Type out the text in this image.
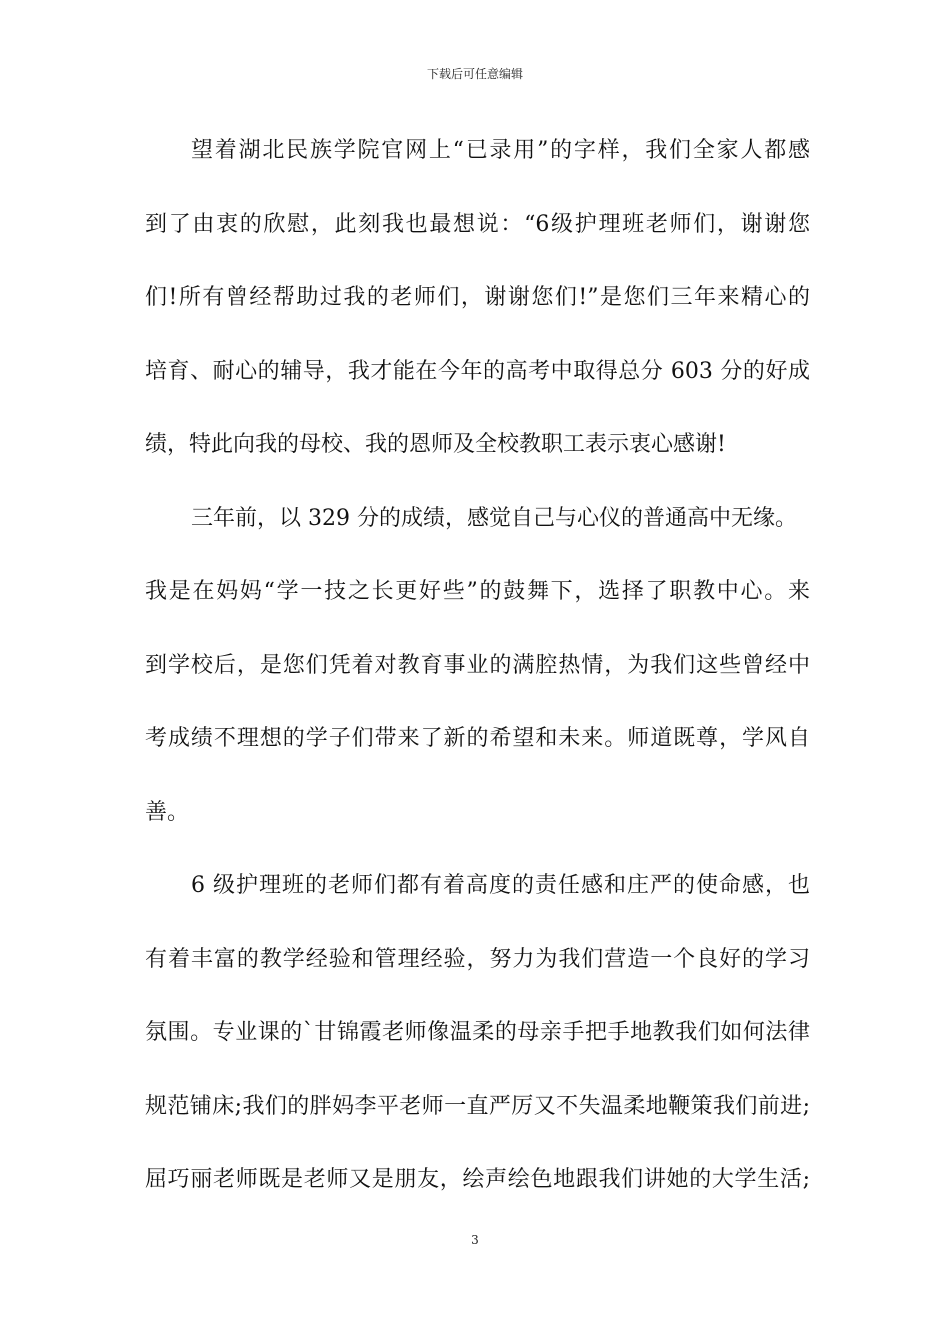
下载后可任意编辑
望着湖北民族学院官网上“已录用”的字样，我们全家人都感
到了由衷的欣慰，此刻我也最想说：“6级护理班老师们，谢谢您
们!所有曾经帮助过我的老师们，谢谢您们!”是您们三年来精心的
培育、耐心的辅导，我才能在今年的高考中取得总分 603 分的好成
绩，特此向我的母校、我的恩师及全校教职工表示衷心感谢!
三年前，以 329 分的成绩，感觉自己与心仪的普通高中无缘。
我是在妈妈“学一技之长更好些”的鼓舞下，选择了职教中心。来
到学校后，是您们凭着对教育事业的满腔热情，为我们这些曾经中
考成绩不理想的学子们带来了新的希望和未来。师道既尊，学风自
善。
6 级护理班的老师们都有着高度的责任感和庄严的使命感，也
有着丰富的教学经验和管理经验，努力为我们营造一个良好的学习
氛围。专业课的`甘锦霞老师像温柔的母亲手把手地教我们如何法律
规范铺床;我们的胖妈李平老师一直严厉又不失温柔地鞭策我们前进;
屈巧丽老师既是老师又是朋友，绘声绘色地跟我们讲她的大学生活;
3
